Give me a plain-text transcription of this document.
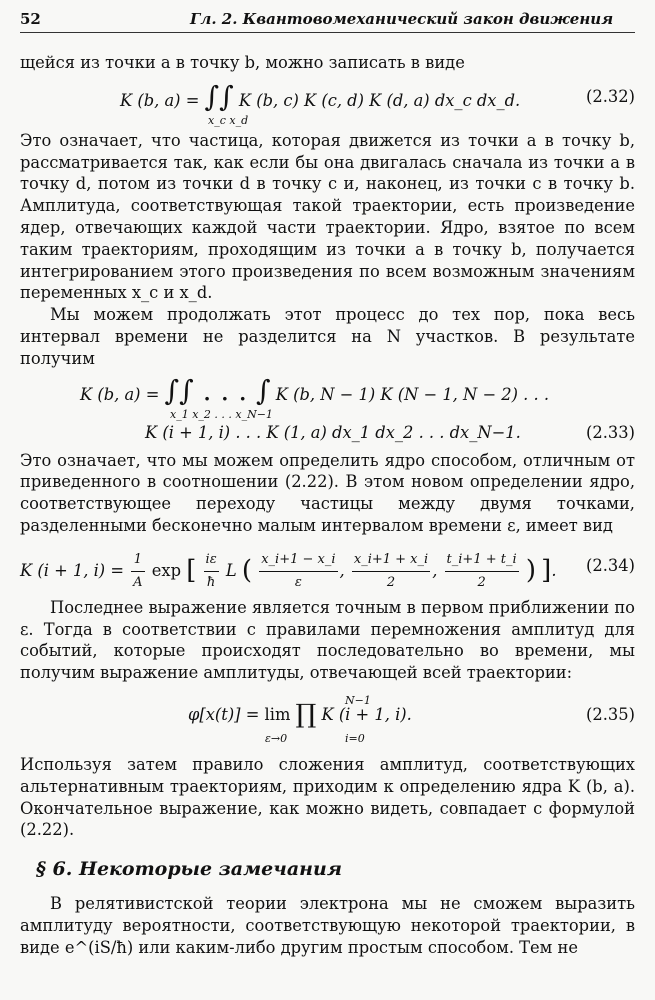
52	Гл. 2. Квантовомеханический закон движения

щейся из точки a в точку b, можно записать в виде

K (b, a) = ∫∫ K (b, c) K (c, d) K (d, a) dx_c dx_d.
x_c x_d
(2.32)

Это означает, что частица, которая движется из точки a в точку b, рассматривается так, как если бы она двигалась сначала из точки a в точку d, потом из точки d в точку c и, наконец, из точки c в точку b. Амплитуда, соответствующая такой траектории, есть произведение ядер, отвечающих каждой части траектории. Ядро, взятое по всем таким траекториям, проходящим из точки a в точку b, получается интегрированием этого произведения по всем возможным значениям переменных x_c и x_d.

Мы можем продолжать этот процесс до тех пор, пока весь интервал времени не разделится на N участков. В результате получим

K (b, a) = ∫∫ . . . ∫ K (b, N − 1) K (N − 1, N − 2) . . .
x_1 x_2 . . . x_N−1
K (i + 1, i) . . . K (1, a) dx_1 dx_2 . . . dx_N−1.	(2.33)

Это означает, что мы можем определить ядро способом, отличным от приведенного в соотношении (2.22). В этом новом определении ядро, соответствующее переходу частицы между двумя точками, разделенными бесконечно малым интервалом времени ε, имеет вид

K (i + 1, $i) = \frac{1}{A}$ exp [ $\frac{i\varepsilon}{ħ}$ L ( $\frac{x\_i+1 - x\_i}{\varepsilon}$ , $\frac{x\_i+1 + x\_i}{2}$ , $\frac{t\_i+1 + t\_i}{2}$ ) ]. (2.34)

Последнее выражение является точным в первом приближении по ε. Тогда в соответствии с правилами перемножения амплитуд для событий, которые происходят последовательно во времени, мы получим выражение амплитуды, отвечающей всей траектории:

N−1
φ[x(t)] = lim ∏ K (i + 1, i).
ε→0	i=0
(2.35)

Используя затем правило сложения амплитуд, соответствующих альтернативным траекториям, приходим к определению ядра K (b, a). Окончательное выражение, как можно видеть, совпадает с формулой (2.22).

§ 6. Некоторые замечания

В релятивистской теории электрона мы не сможем выразить амплитуду вероятности, соответствующую некоторой траектории, в виде e^(iS/ħ) или каким-либо другим простым способом. Тем не
